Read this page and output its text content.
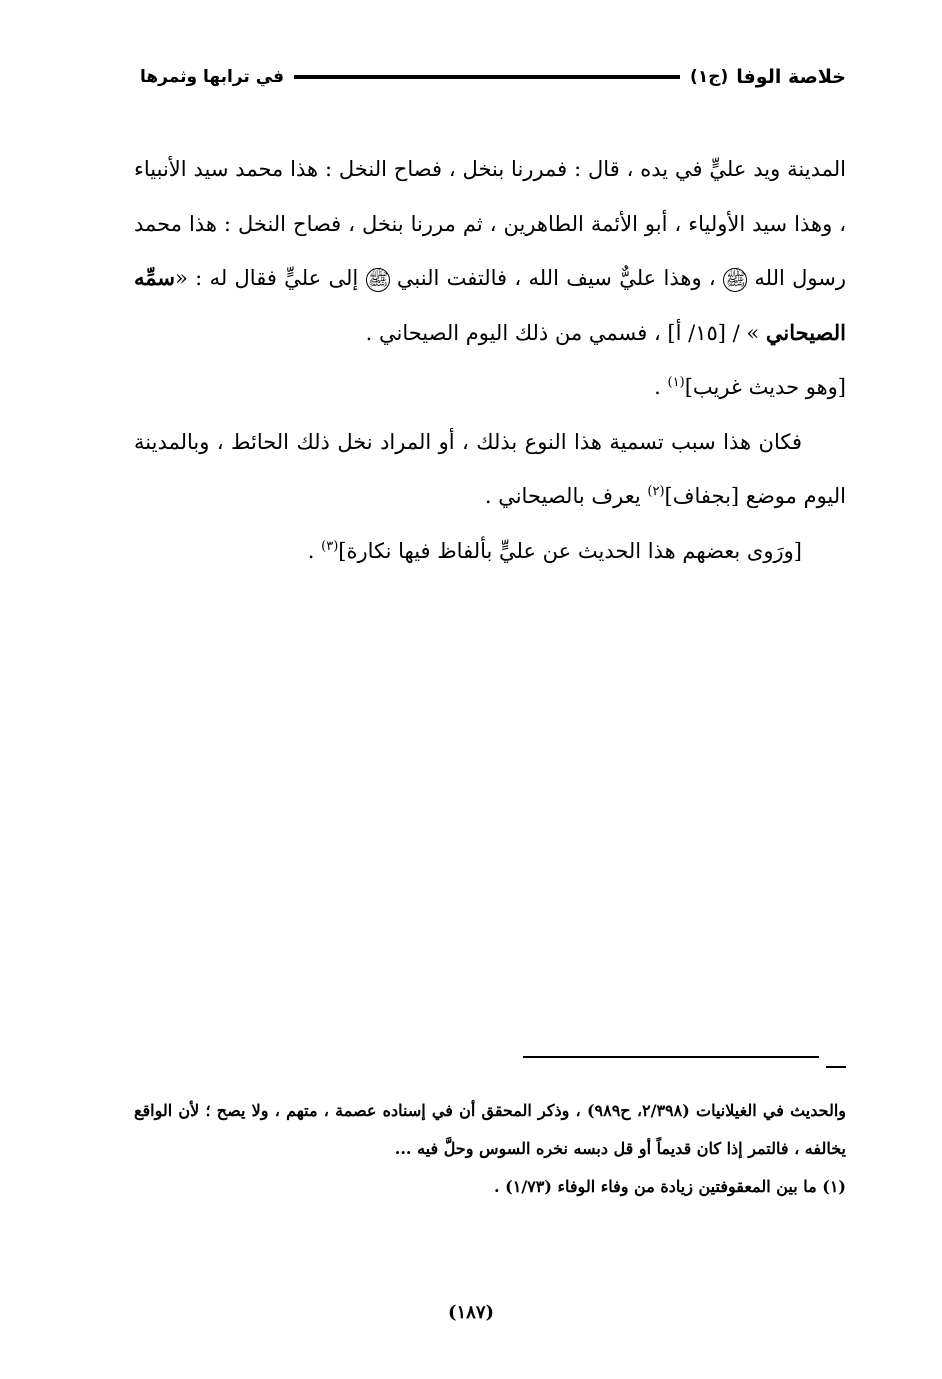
خلاصة الوفا
(ج١)
في ترابها وثمرها

المدينة ويد عليٍّ في يده ، قال : فمررنا بنخل ، فصاح النخل : هذا محمد سيد الأنبياء ، وهذا سيد الأولياء ، أبو الأئمة الطاهرين ، ثم مررنا بنخل ، فصاح النخل : هذا محمد رسول الله ﷺ ، وهذا عليٌّ سيف الله ، فالتفت النبي ﷺ إلى عليٍّ فقال له : «سمِّه الصيحاني » / [١٥/ أ] ، فسمي من ذلك اليوم الصيحاني .
[وهو حديث غريب]$^{(١)}$ .

فكان هذا سبب تسمية هذا النوع بذلك ، أو المراد نخل ذلك الحائط ، وبالمدينة اليوم موضع [بجفاف]$^{(٢)}$ يعرف بالصيحاني .

[ورَوى بعضهم هذا الحديث عن عليٍّ بألفاظ فيها نكارة]$^{(٣)}$ .

والحديث في الغيلانيات (٢/٣٩٨، ح٩٨٩) ، وذكر المحقق أن في إسناده عصمة ، متهم ، ولا يصح ؛ لأن الواقع يخالفه ، فالتمر إذا كان قديماً أو قل دبسه نخره السوس وحلَّ فيه ...

(١) ما بين المعقوفتين زيادة من وفاء الوفاء (١/٧٣) .

(١٨٧)
